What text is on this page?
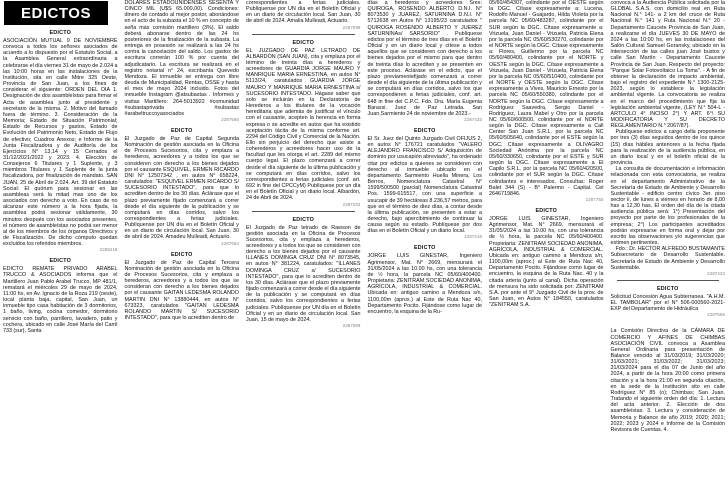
EDICTOS
EDICTO

ASOCIACIÓN MUTUAL 9 DE NOVIEMBRE convoca a todos los señores asociados de acuerdo a lo dispuesto por el Estatuto Social, a la Asamblea General extraordinaria a celebrarse el día viernes 31 de mayo de 2.024 a las 10:00 horas en las instalaciones de la Institución, sita en calle Mitre 325 Oeste, Provincia de San Juan, a los fines de considerar el siguiente: ORDEN DEL DIA 1. Designación de dos asambleístas para firmar el Acta de asamblea junto al presidente y secretario de la misma. 2. Motivo del llamado fuera de término. 3. Consideración de la Memoria; Estado de Situación Patrimonial; Estado de Recursos y gastos, Estado de Evolución del Patrimonio Neto, Estado de Flujo de efectivo; Cuadros Anexos; e Informe de la Junta Fiscalizadora y de Auditoría de los Ejercicios N° 13,14 y 15 Cerrados el 31/12/2021/2022 y 2023. 4. Elección de Consejeros 6 Titulares y 1 Suplente, y 3 miembros Titulares y 1 Suplente de la junta fiscalizadora, por finalización de mandato. SAN JUAN, 25 de Abril de 2.024. Art. 39 del Estatuto Social: El quórum para sesionar en las asambleas será la mitad mas uno de los asociados con derecho a voto. En caso de no alcanzar este número a la hora fijada, la asamblea podrá sesionar válidamente, 30 minutos después con los asociados presentes, el número de asambleístas no podrá ser menor al de los miembros de los órganos Directivos y de Fiscalización. De dicho cómputo quedan excluidos los referidos miembros.

2286218
EDICTO

EDICTO REMATE PRIVADO ARABEL TRUCCO & ASOCIADOS informa que el Martillero Juan Pablo Arabel Trucco, MP 481/1, rematará el miércoles 29 de mayo de 2024, 11:00 hs, en Av. Ignacio de la Roza 219 (oeste), local planta baja, capital, San Juan, un inmueble tipo casa habitación de 3 dormitorios, 1 baño, living, cocina comedor, dormitorio servicio con baño, parrillero, lavadero, patio y cochera, ubicado en calle José María del Carril 733 (sur), Santa

DOLARES ESTADOUNIDENSES SESENTA Y CINCO MIL (U$S 65.000,00). Condiciones: dinero de contado al mejor postor, abonándose en el acto de la subasta el 10 % en concepto de seña más comisión martillero (3%). El saldo deberá abonarse dentro de las 24 hs posteriores de la finalización de la subasta. La entrega en posesión se realizará a las 24 hs contra la cancelación del saldo. Los gastos de escritura correrán 100 % por cuenta del adjudicatario. La escritura se realizará en el registro notarial n° 24, escribanía Quevedo Mendoza. El inmueble se entrega con libre deuda de Municipalidad, Rentas, OSSE y hasta el mes de mayo 2024 incluido. Fotos del inmueble Instagram @atsubastas . Informes y visitas Martillero: 264-5013922 #comunidad #subastaprivada #subastas #arabeltruccoyasociados

2287565
EDICTO

El Juzgado de Paz de Capital Segunda Nominación de gestión asociada en la Oficina de Procesos Sucesorios, cita y emplaza a herederos, acreedores y a todos los que se consideren con derecho a los bienes dejados por el causante ESQUIVEL, ERMEN RICARDO DNI N° 12507342 , en autos N° 658224, caratulados: "ESQUIVEL ERMEN RICARDO S/ SUCESORIO INTESTADO", para que lo acrediten dentro de los 30 días. Aclárase que el plazo previamente fijado comenzará a correr desde el día siguiente de la publicación y se computará en días corridos, salvo los correspondientes a ferias judiciales. Publíquense por UN día en el Boletín Oficial y en un diario de circulación local. San Juan, 30 de abril de 2024. Amadeu Mulleadi, Actuario.

2287654
EDICTO

El Juzgado de Paz de Capital Tercera Nominación de gestión asociada en la Oficina de Procesos Sucesorios, cita y emplaza a herederos, acreedores y a todos los que se consideran con derecho a los bienes dejados por el causante GAITAN LEDESMA ROLANDO MARTIN DNI N° 13880444, en autos N° 673323, caratulados "GAITAN LEDESMA ROLANDO MARTIN S/ SUCESORIO INTESTADO", para que lo acrediten dentro de

correspondientes a ferias judiciales. Publíquense por UN día en el Boletín Oficial y en un diario de circulación local. San Juan, 30 de abril de 2024. Amalia Mulleadi, Actuario.

2287596
EDICTO

EL JUZGADO DE PAZ LETRADO DE ALBARDÓN (SAN JUAN), cita y emplaza por el término de treinta días a herederos y acreedores de GUARDIA JORGE MAURO Y MANRIQUE MARIA ERNESTINA, en autos N° 5113/24, caratulados GUARDIA JORGE MAURO Y MANRIQUE MARIA ERNESTINA s/ SUCESORIO INTESTADO. Hágase saber que solo se incluirán en la Declaratoria de Herederos a los titulares de la vocación hereditaria que además de justificar el vínculo con el causante, acepten la herencia en forma expresa o se acredite en autos que ha existido aceptación tácita de la misma conforme art. 2294 del Código Civil y Comercial de la Nación. Ello sin perjuicio del derecho que asiste a coherederos y acreedores hacer uso de la facultad que les otorga el art. 2289 del mismo cuerpo legal. El plazo comenzará a correr desde el día siguiente de la última publicación y se computará en días corridos, salvo los correspondientes a ferias judiciales (conf. art. 692 in fine del CPCCyM) Publíquese por un día en el Boletín Oficial y un diario local. Albardón, 24 de Abril de 2024.

2287202
EDICTO

El Juzgado de Paz letrado de Rawson de gestión asociada en la Oficina de Procesos Sucesorios, cita y emplaza a herederos, acreedores y a todos los que se consideren con derecho a los bienes dejados por el causante ILLANES DOMINGA CRUZ DNI N° 8073545, en autos N° 381224, caratulados: "ILLANES DOMINGA CRUZ s/ SUCESORIO INTESTADO", para que lo acrediten dentro de los 30 días. Aclárase que el plazo previamente fijado comenzará a correr desde el día siguiente de la publicación y se computará en días corridos, salvo los correspondientes a ferias judiciales. Publíquense por UN día en el Boletín Oficial y en un diario de circulación local. San Juan, 15 de mayo de 2024.

2287569

días a herederos y acreedores Sres: QUIROGA, ROSENDO ALBERTO D.N.I. N° 8073530 y JUAREZ, SATURNINA D.N.I. N° 5712638 en Autos N° 13195/23 caratulados " QUIROGA ROSENDO ALBERTO Y JUEREZ SATURNINAs/ SARSORIO" . Publíquese edictos por el término de tres días en el Boletín Oficial y en un diario local y cítese a todos aquellos que se consideren con derecho a los bienes dejados por el mismo para que dentro de treinta días lo acrediten y se presenten en este proceso. Aclárase en el edicto, que el plazo previamentefijado comenzará a correr desde el día siguiente de la última publicación y se computará en días corridos, salvo los que correspondieren a ferias judiciales, conf. art. 648 in fine del C.P.C. Fdo. Dra. María Eugenia Barassi. Juez de Paz Letrada. San Juan,Sarmiento 24 de noviembre de 2023.-

2287433
EDICTO

El Sr. Juez del Quinto Juzgado Civil OFIJUS 2, en autos N° 176721 caratulados "VALERO ALEJANDRO FRANCISCO S/ Adquisición de dominio por usucapión abreviado", ha ordenado citar por edictos a quienes se consideren con derecho al inmueble ubicado en el departamento Sarmiento Huella Minera, Los Berros, Nomenclatura Catastral N° 1599/500500 (parcial) Nomenclatura Catastral Pos. 1599-615517, con una superficie a usucapir de 39 hectáreas 8.236,57 metros, para que en el término de diez días, a contar desde la última publicación, se presenten a estar a derecho, bajo apercibimiento de continuar la causa según su estado. Publíquese por dos días en el Boletín Oficial y un diario local.

2287418
EDICTO

JORGE LUIS GINESTAR, Ingeniero Agrimensor, Mat. N° 2669, mensurará el 31/05/2024 a las 10.00 hs, con una tolerancia de ½ hora, la parcela NC 05/60/400400. Propietaria: ZENITRAM SOCIEDAD ANONIMA, AGRÍCOLA, INDUSTRIAL & COMERCIAL. Ubicada en: antiguo camino a Mendoza s/n, 1100,00m (aprox.) al Este de Ruta Nac 40, Departamento Pocito. Fijándose como lugar de encuentro, la esquina de la Ru-

05/60/454307, colindante por el OESTE según la DGC. Cítase expresamente a: Lucena, Rodolfo Manuel - Guajardo, Hilda Violeta por la parcela NC 05/60/483287, colindante por el SUR según la DGC. Cítase expresamente a: Vrizuela, Juan Daniel - Vrizuela, Patricia Elena por la parcela NC 05/60/530270, colindante por el NORTE según la DGC. Cítase expresamente a: Flores, Guillermo por la parcela NC 05/60/480400, colindante por el NORTE y OESTE según la DGC. Cítase expresamente a Vrizuela, Juan Daniel - Vrizuela, Patricia Elena por la parcela NC 05/60/510400, colindante por el NORTE y OESTE según la DGC. Cítase expresamente a Vives, Mauricio Ernesto por la parcela NC 05/60/550380, colindante por el NORTE según la DGC. Cítase expresamente a Rodríguez Saavedra, Sergio Daniel - Rodríguez, Laura Mabel y Otro por la parcela NC 05/60/600500, colindante por el NORTE según la DGC. Cítase expresamente a Call Center San Juan S.R.L. por la parcela NC 05/60/505640, colindante por el ESTE según la DGC. Cítase expresamente a OLIVAGRO Sociedad Anónima por la parcela NC 05/60/330650, colindante por el ESTE y SUR según la DGC. Cítase expresamente a El Capilo S.R.L. por la parcela NC 05/60/420500, colindante por el SUR según la DGC. Cítase colindantes e interesados. Consultas: Roger Balet 344 (S) - B° Palermo - Capital. Cel 2646719846.

2287750
EDICTO

JORGE LUIS GINESTAR, Ingeniero Agrimensor, Mat. N° 2669, mensurará el 31/05/2024 a las 10.00 hs, con una tolerancia de ½ hora, la parcela NC 05/60/400400. Propietaria: ZENITRAM SOCIEDAD ANONIMA, AGRÍCOLA, INDUSTRIAL & COMERCIAL. Ubicada en: antiguo camino a Mendoza s/n, 1100,00m (aprox.) al Este de Ruta Nac 40, Departamento Pocito. Fijándose como lugar de encuentro, la esquina de la Ruta Nac. 40 y la citada arteria (junto al canal). Dicha operación de mensura ha sido solicitada por: ZENITRAM S.A. por ante el 9° Juzgado Civil de la prov. de San Juan, en Autos N° 184550, caratulados "ZENITRAM S.A.

convoca a la Audiencia Pública solicitada por la GLOBAL S.A.S. con domicilio real en Ruta Nacional N.° 141- a 2 km del cruce de Ruta Nacional N.° 141 y Ruta Nacional N.° 20 - Departamento Caucete Provincia de San Juan, a realizarse el día JUEVES 30 DE MAYO de 2024 a las 10:00 hs, en las instalaciones del Salón Cultural Samuel Goransky, ubicado en la intersección de las calles juan José bustos y calle San Martín - Departamento Caucete Provincia de San Juan. Respecto del proyecto: "Parque Solar Fotovoltaico La Toma". - A fin de obtener la declaración de impacto ambiental, bajo el registro del expediente N.° 1300-2125-2023, según lo establece la legislación ambiental vigente. La convocatoria se realiza en el marco del procedimiento que fija la legislación ambiental vigente, (LEY N.° 504-L -ARTCULO 4° INCISO 2°) Y ART. 6°\ SU MODIFICATORIA Y SU DECRETO REGLAMENTARIO N.° 2067/87).

Publíquese edictos a cargo della proponente por tres (3) días seguidos dentro de los quince (15) días hábiles anteriores a la fecha fijada para la realización de la audiencia pública, en un diario local y en el boletín oficial de la provincia.

La consulta de documentación e información relacionada con esta convocatoria, se realiza en el departamento Administrativo de la Secretaría de Estado de Ambiente y Desarrollo Sustentable - edificio centro cívico 3er. piso sector ii, de lunes a viernes en horario de 8,00 has a 12,30 has. El orden del día de la citada audiencia pública será: 1°) Presentación del proyecto por parte de los profesionales de la empresa; 2°) Los participantes acreditados podrán expresarse en forma oral y dejar por escrito las observaciones y/o sugerencias que estimen pertinentes.

Fdo.: Dr. HECTOR ALFREDO BUSTAMANTE Subsecretario de Desarrollo Sustentable. Secretaría de Estado de Ambiente y Desarrollo Sustentable.

2287423
EDICTO

Solicitud Concesión Agua Subterranea. "A.H.M. EL TAMBOLAR" por el N° 506-000560-2021-EXP del Departamento de Hidráulica

2287566

La Comisión Directiva de la CÁMARA DE COMERCIO Y AFINES DE CHIMBAS ASOCIACIÓN CIVIL convoca a Asamblea General Ordinaria para presentación de Balance vencido al 31/03/2019; 31/03/2020; 31/03/2021; 31/03/2022; 31/03/2023; 31/03/2024 para el día 07 de Junio del año 2024, a partir de la hora 20:00 como primera citación y a la hora 21:00 en segunda citación, en la sede de la Institución sito en calle Rodríguez N° 85 (o); Chimbas; San Juan. Tratando el siguiente orden del día: 1. Lectura del acta anterior. 2. Elección de dos asambleístas. 3. Lectura y consideración de Memoria y Balance de año 2019; 2020; 2021; 2022; 2023 y 2024 e Informe de la Comisión Revisora de Cuentas. 4.
